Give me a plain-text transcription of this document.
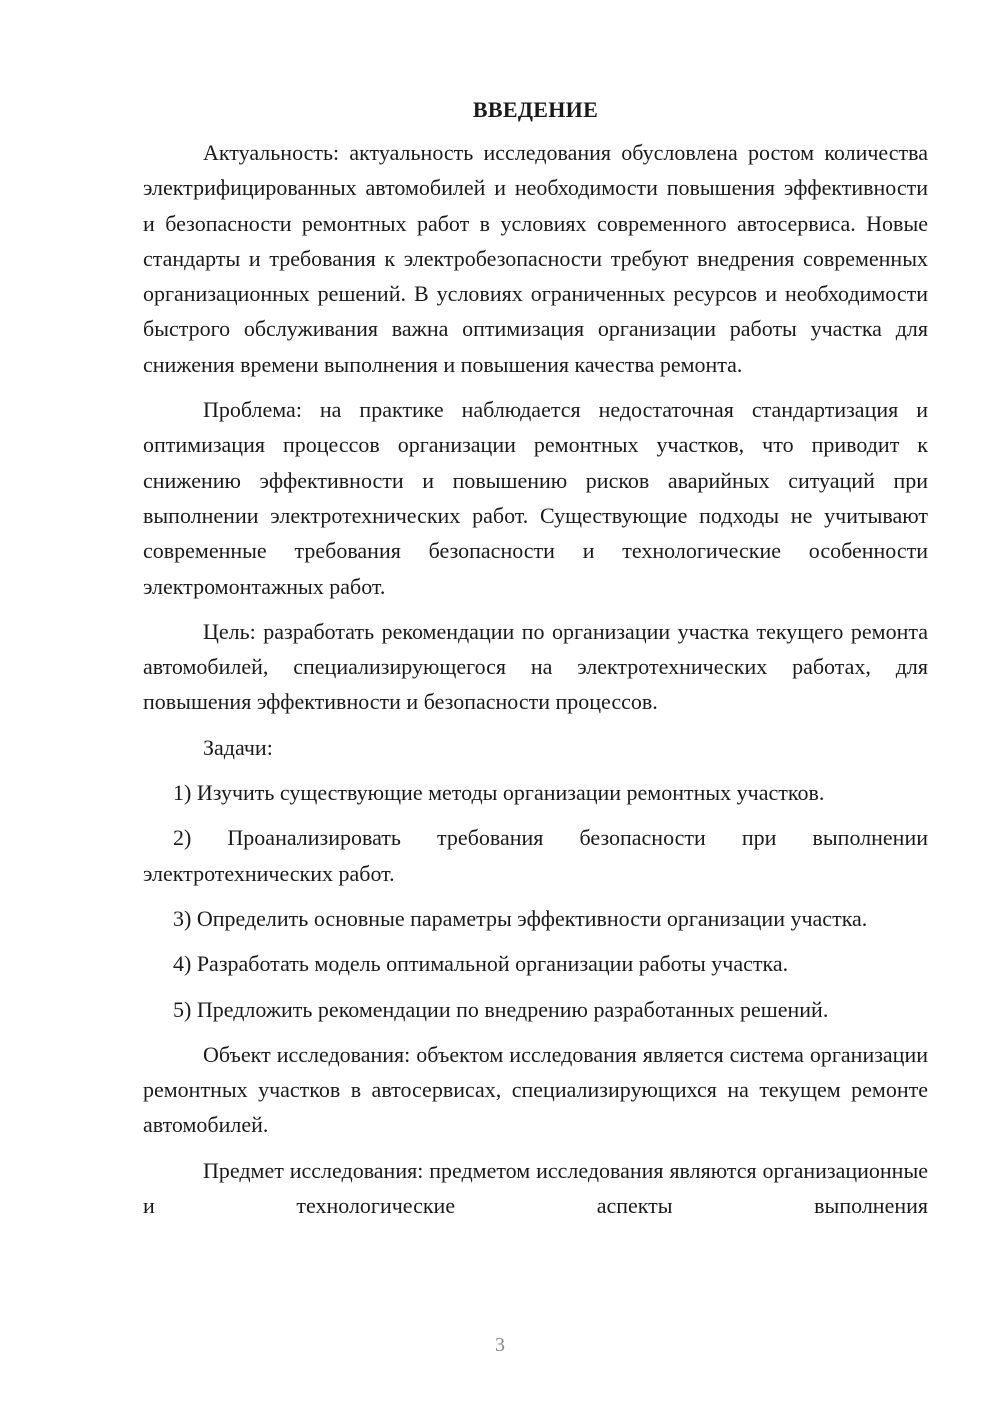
ВВЕДЕНИЕ

Актуальность: актуальность исследования обусловлена ростом количества электрифицированных автомобилей и необходимости повышения эффективности и безопасности ремонтных работ в условиях современного автосервиса. Новые стандарты и требования к электробезопасности требуют внедрения современных организационных решений. В условиях ограниченных ресурсов и необходимости быстрого обслуживания важна оптимизация организации работы участка для снижения времени выполнения и повышения качества ремонта.

Проблема: на практике наблюдается недостаточная стандартизация и оптимизация процессов организации ремонтных участков, что приводит к снижению эффективности и повышению рисков аварийных ситуаций при выполнении электротехнических работ. Существующие подходы не учитывают современные требования безопасности и технологические особенности электромонтажных работ.

Цель: разработать рекомендации по организации участка текущего ремонта автомобилей, специализирующегося на электротехнических работах, для повышения эффективности и безопасности процессов.

Задачи:

1) Изучить существующие методы организации ремонтных участков.

2) Проанализировать требования безопасности при выполнении электротехнических работ.

3) Определить основные параметры эффективности организации участка.

4) Разработать модель оптимальной организации работы участка.

5) Предложить рекомендации по внедрению разработанных решений.

Объект исследования: объектом исследования является система организации ремонтных участков в автосервисах, специализирующихся на текущем ремонте автомобилей.

Предмет исследования: предметом исследования являются организационные и технологические аспекты выполнения

3
